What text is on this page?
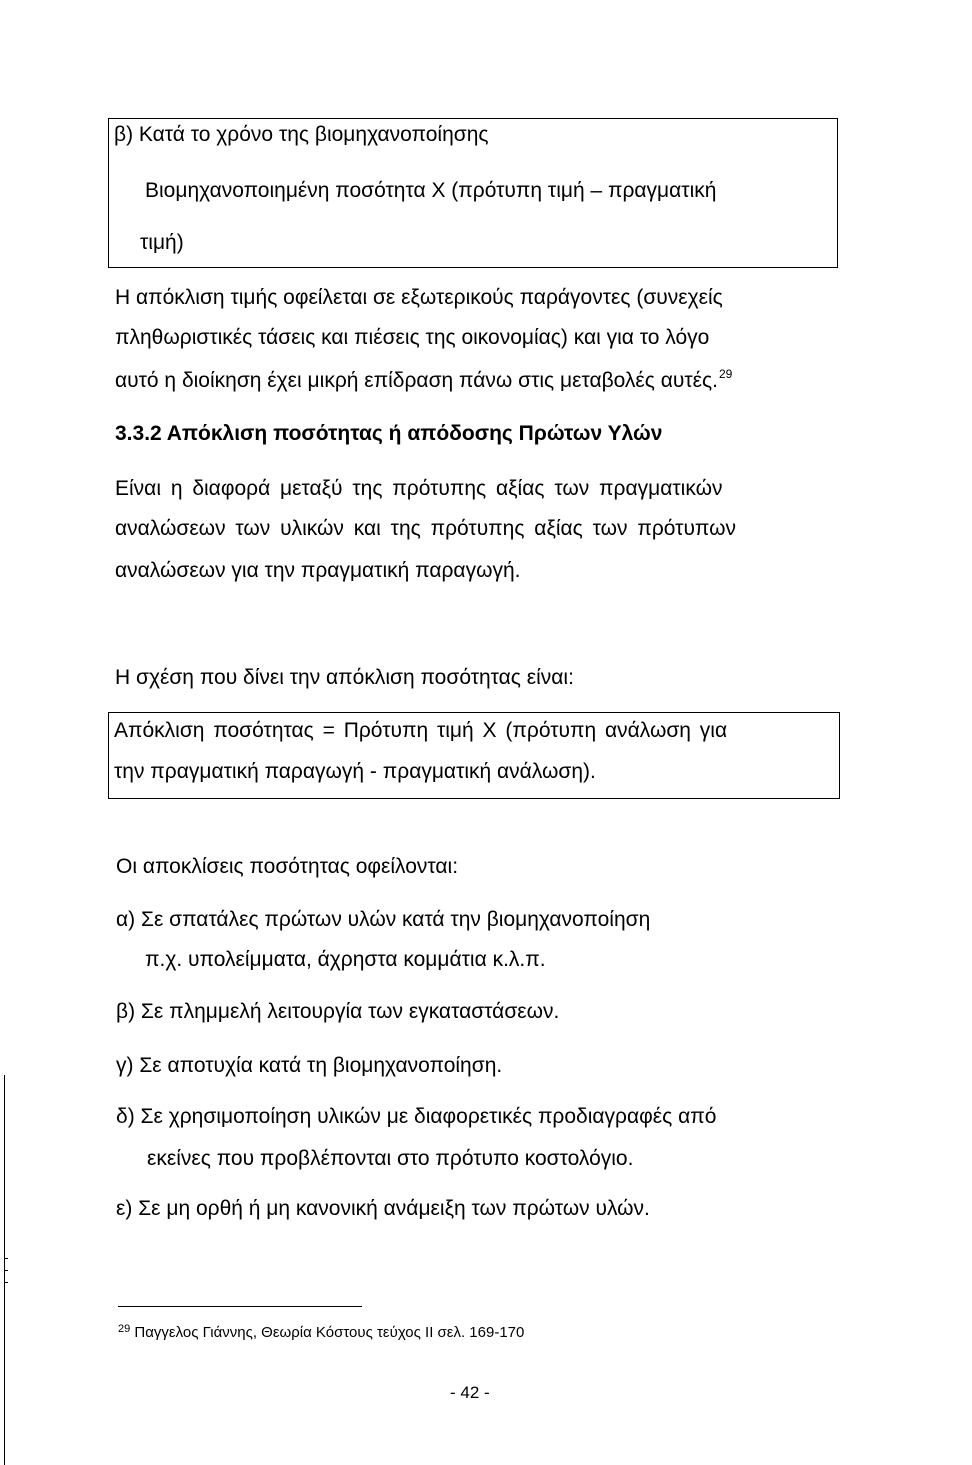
β) Κατά το χρόνο της βιομηχανοποίησης
Βιομηχανοποιημένη ποσότητα Χ (πρότυπη τιμή – πραγματική
τιμή)
Η απόκλιση τιμής οφείλεται σε εξωτερικούς παράγοντες (συνεχείς
πληθωριστικές τάσεις και πιέσεις της οικονομίας) και για το λόγο
αυτό η διοίκηση έχει μικρή επίδραση πάνω στις μεταβολές αυτές.$^{29}$
3.3.2 Απόκλιση ποσότητας ή απόδοσης Πρώτων Υλών
Είναι η διαφορά μεταξύ της πρότυπης αξίας των πραγματικών
αναλώσεων των υλικών και της πρότυπης αξίας των πρότυπων
αναλώσεων για την πραγματική παραγωγή.
Η σχέση που δίνει την απόκλιση ποσότητας είναι:
Απόκλιση ποσότητας = Πρότυπη τιμή Χ (πρότυπη ανάλωση για
την πραγματική παραγωγή - πραγματική ανάλωση).
Οι αποκλίσεις ποσότητας οφείλονται:
α) Σε σπατάλες πρώτων υλών κατά την βιομηχανοποίηση
π.χ. υπολείμματα, άχρηστα κομμάτια κ.λ.π.
β) Σε πλημμελή λειτουργία των εγκαταστάσεων.
γ) Σε αποτυχία κατά τη βιομηχανοποίηση.
δ) Σε χρησιμοποίηση υλικών με διαφορετικές προδιαγραφές από
εκείνες που προβλέπονται στο πρότυπο κοστολόγιο.
ε) Σε μη ορθή ή μη κανονική ανάμειξη των πρώτων υλών.
$^{29}$ Παγγελος Γιάννης, Θεωρία Κόστους τεύχος ΙΙ σελ. 169-170
- 42 -
